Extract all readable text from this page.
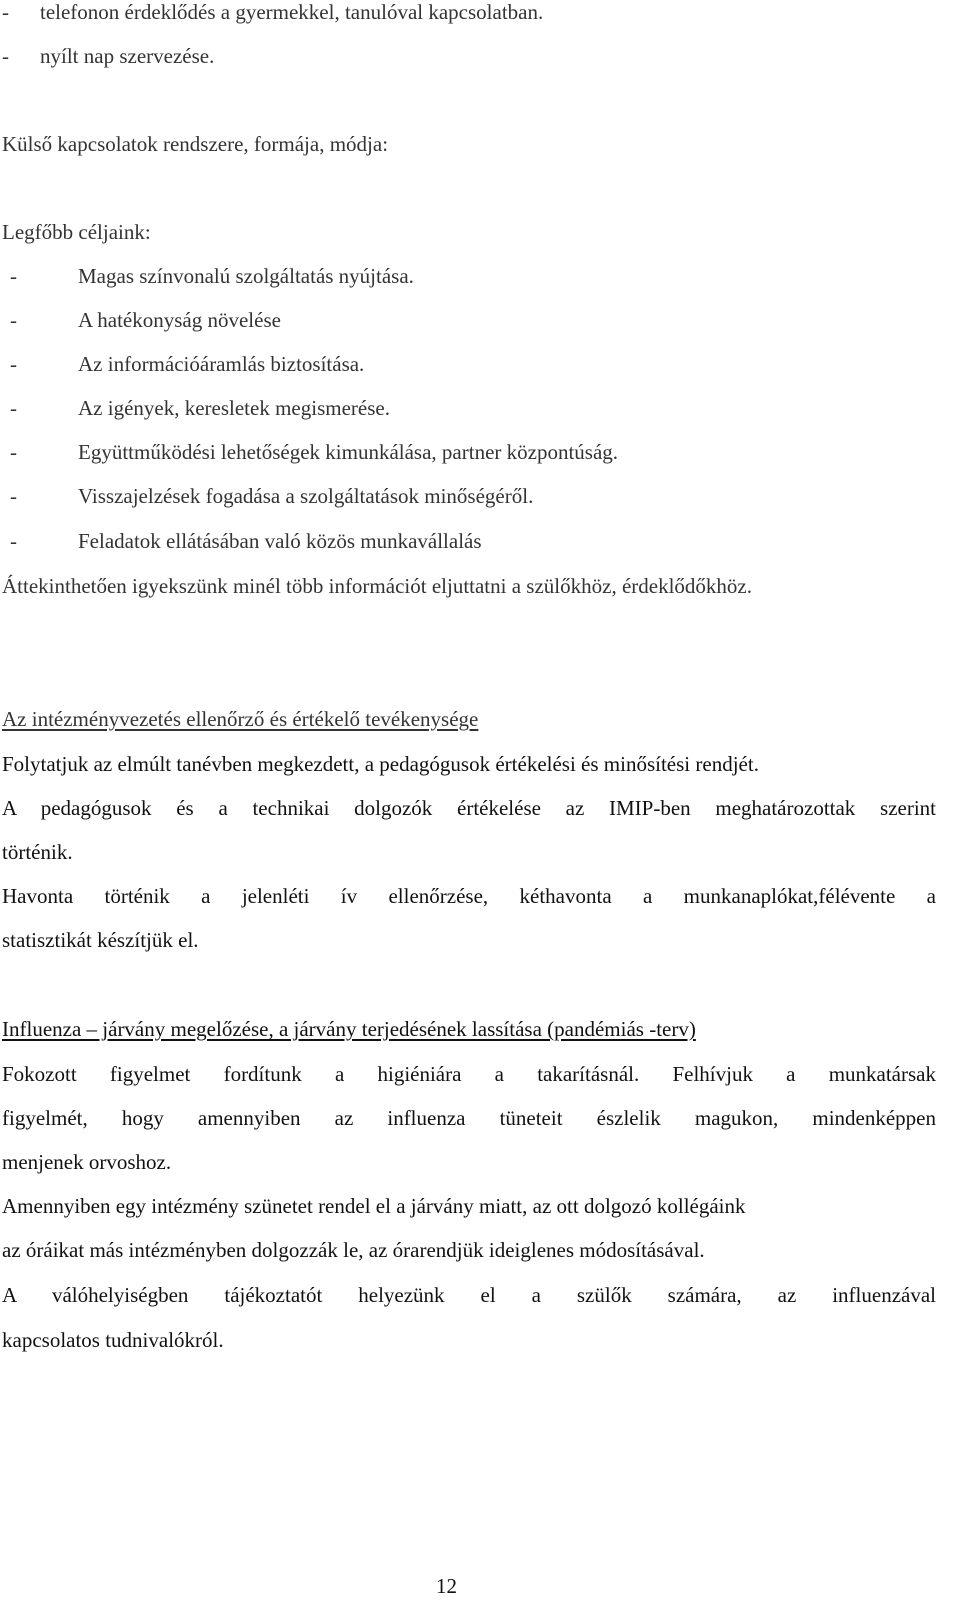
- telefonon érdeklődés a gyermekkel, tanulóval kapcsolatban.
- nyílt nap szervezése.

Külső kapcsolatok rendszere, formája, módja:

Legfőbb céljaink:

-	Magas színvonalú szolgáltatás nyújtása.
-	A hatékonyság növelése
-	Az információáramlás biztosítása.
-	Az igények, keresletek megismerése.
-	Együttműködési lehetőségek kimunkálása, partner központúság.
-	Visszajelzések fogadása a szolgáltatások minőségéről.
-	Feladatok ellátásában való közös munkavállalás

Áttekinthetően igyekszünk minél több információt eljuttatni a szülőkhöz, érdeklődőkhöz.

Az intézményvezetés ellenőrző és értékelő tevékenysége

Folytatjuk az elmúlt tanévben megkezdett, a pedagógusok értékelési és minősítési rendjét.

A pedagógusok és a technikai dolgozók értékelése az IMIP-ben meghatározottak szerint

történik.

Havonta történik a jelenléti ív ellenőrzése, kéthavonta a munkanaplókat,félévente a

statisztikát készítjük el.

Influenza – járvány megelőzése, a járvány terjedésének lassítása (pandémiás -terv)

Fokozott figyelmet fordítunk a higiéniára a takarításnál. Felhívjuk a munkatársak

figyelmét, hogy amennyiben az influenza tüneteit észlelik magukon, mindenképpen

menjenek orvoshoz.

Amennyiben egy intézmény szünetet rendel el a járvány miatt, az ott dolgozó kollégáink

az óráikat más intézményben dolgozzák le, az órarendjük ideiglenes módosításával.

A válóhelyiségben tájékoztatót helyezünk el a szülők számára, az influenzával

kapcsolatos tudnivalókról.

12
